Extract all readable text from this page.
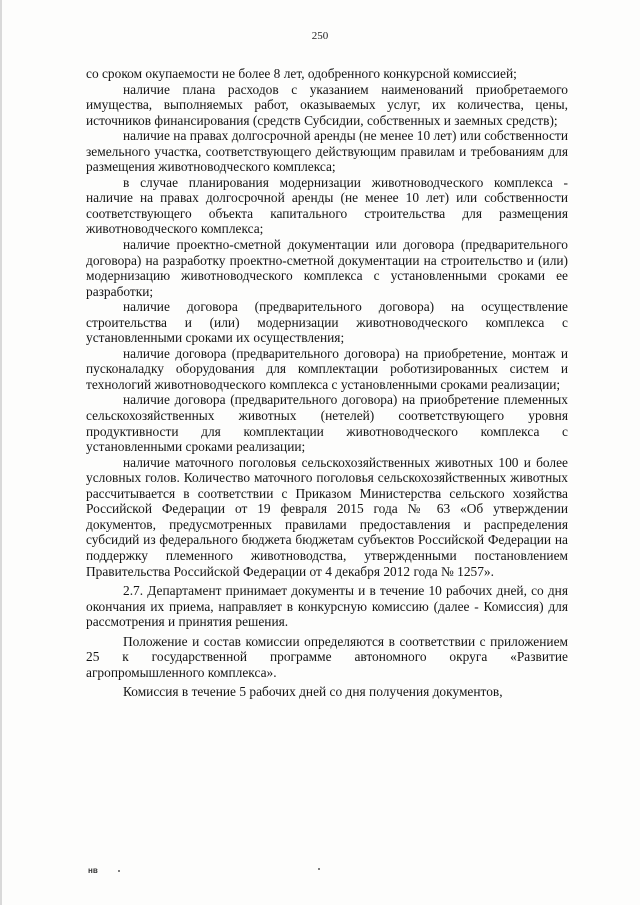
250

со сроком окупаемости не более 8 лет, одобренного конкурсной комиссией;

наличие плана расходов с указанием наименований приобретаемого имущества, выполняемых работ, оказываемых услуг, их количества, цены, источников финансирования (средств Субсидии, собственных и заемных средств);

наличие на правах долгосрочной аренды (не менее 10 лет) или собственности земельного участка, соответствующего действующим правилам и требованиям для размещения животноводческого комплекса;

в случае планирования модернизации животноводческого комплекса - наличие на правах долгосрочной аренды (не менее 10 лет) или собственности соответствующего объекта капитального строительства для размещения животноводческого комплекса;

наличие проектно-сметной документации или договора (предварительного договора) на разработку проектно-сметной документации на строительство и (или) модернизацию животноводческого комплекса с установленными сроками ее разработки;

наличие договора (предварительного договора) на осуществление строительства и (или) модернизации животноводческого комплекса с установленными сроками их осуществления;

наличие договора (предварительного договора) на приобретение, монтаж и пусконаладку оборудования для комплектации роботизированных систем и технологий животноводческого комплекса с установленными сроками реализации;

наличие договора (предварительного договора) на приобретение племенных сельскохозяйственных животных (нетелей) соответствующего уровня продуктивности для комплектации животноводческого комплекса с установленными сроками реализации;

наличие маточного поголовья сельскохозяйственных животных 100 и более условных голов. Количество маточного поголовья сельскохозяйственных животных рассчитывается в соответствии с Приказом Министерства сельского хозяйства Российской Федерации от 19 февраля 2015 года № 63 «Об утверждении документов, предусмотренных правилами предоставления и распределения субсидий из федерального бюджета бюджетам субъектов Российской Федерации на поддержку племенного животноводства, утвержденными постановлением Правительства Российской Федерации от 4 декабря 2012 года № 1257».

2.7. Департамент принимает документы и в течение 10 рабочих дней, со дня окончания их приема, направляет в конкурсную комиссию (далее - Комиссия) для рассмотрения и принятия решения.

Положение и состав комиссии определяются в соответствии с приложением 25 к государственной программе автономного округа «Развитие агропромышленного комплекса».

Комиссия в течение 5 рабочих дней со дня получения документов,

нв
